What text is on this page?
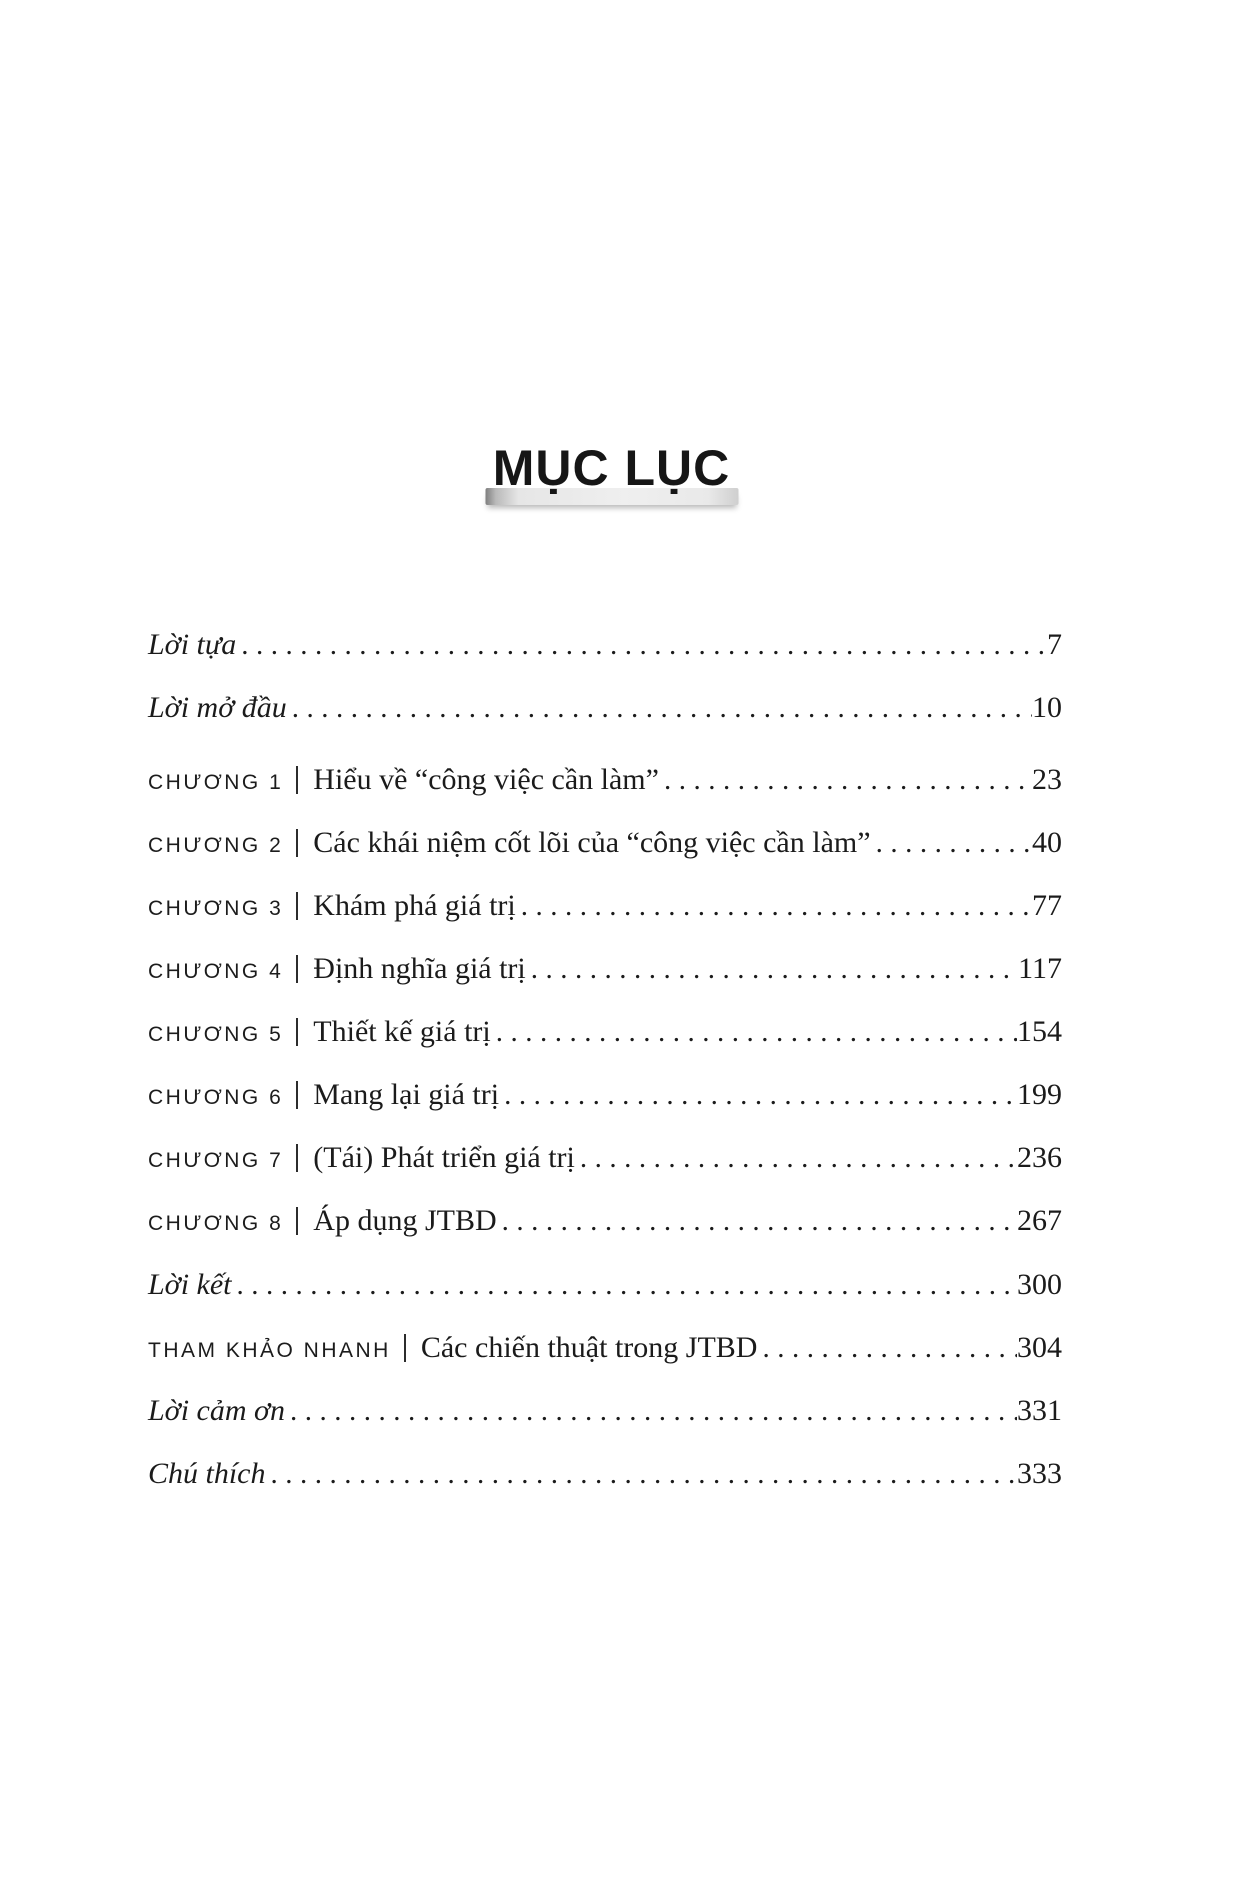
MỤC LỤC
Lời tựa .....	7
Lời mở đầu .....	10
CHƯƠNG 1 Hiểu về “công việc cần làm” .....	23
CHƯƠNG 2 Các khái niệm cốt lõi của “công việc cần làm” .....	40
CHƯƠNG 3 Khám phá giá trị .....	77
CHƯƠNG 4 Định nghĩa giá trị .....	117
CHƯƠNG 5 Thiết kế giá trị .....	154
CHƯƠNG 6 Mang lại giá trị .....	199
CHƯƠNG 7 (Tái) Phát triển giá trị .....	236
CHƯƠNG 8 Áp dụng JTBD .....	267
Lời kết .....	300
THAM KHẢO NHANH Các chiến thuật trong JTBD .....	304
Lời cảm ơn .....	331
Chú thích .....	333
